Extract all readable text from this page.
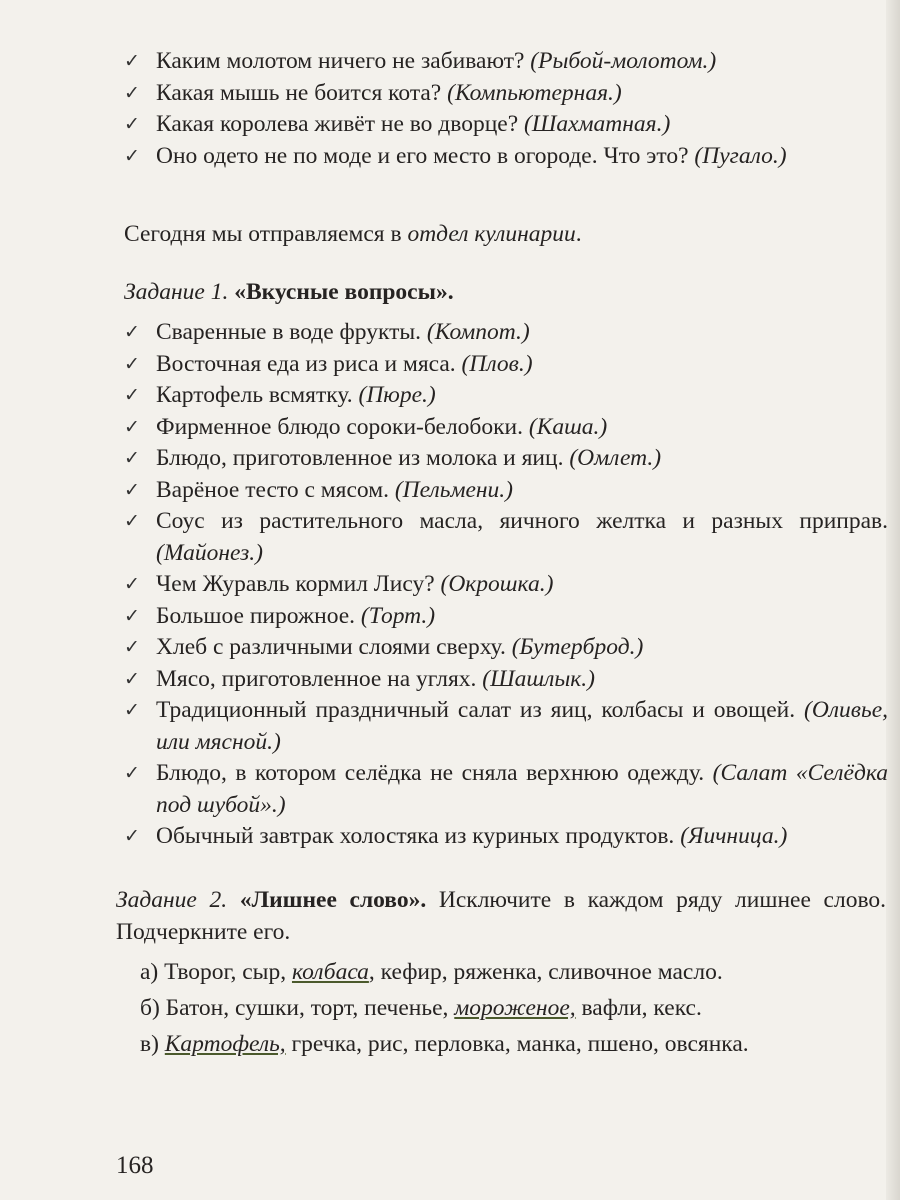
✓ Каким молотом ничего не забивают? (Рыбой-молотом.)
✓ Какая мышь не боится кота? (Компьютерная.)
✓ Какая королева живёт не во дворце? (Шахматная.)
✓ Оно одето не по моде и его место в огороде. Что это? (Пугало.)
Сегодня мы отправляемся в отдел кулинарии.
Задание 1. «Вкусные вопросы».
✓ Сваренные в воде фрукты. (Компот.)
✓ Восточная еда из риса и мяса. (Плов.)
✓ Картофель всмятку. (Пюре.)
✓ Фирменное блюдо сороки-белобоки. (Каша.)
✓ Блюдо, приготовленное из молока и яиц. (Омлет.)
✓ Варёное тесто с мясом. (Пельмени.)
✓ Соус из растительного масла, яичного желтка и разных приправ. (Майонез.)
✓ Чем Журавль кормил Лису? (Окрошка.)
✓ Большое пирожное. (Торт.)
✓ Хлеб с различными слоями сверху. (Бутерброд.)
✓ Мясо, приготовленное на углях. (Шашлык.)
✓ Традиционный праздничный салат из яиц, колбасы и овощей. (Оливье, или мясной.)
✓ Блюдо, в котором селёдка не сняла верхнюю одежду. (Салат «Селёдка под шубой».)
✓ Обычный завтрак холостяка из куриных продуктов. (Яичница.)
Задание 2. «Лишнее слово». Исключите в каждом ряду лишнее слово. Подчеркните его.
а) Творог, сыр, колбаса, кефир, ряженка, сливочное масло.
б) Батон, сушки, торт, печенье, мороженое, вафли, кекс.
в) Картофель, гречка, рис, перловка, манка, пшено, овсянка.
168
